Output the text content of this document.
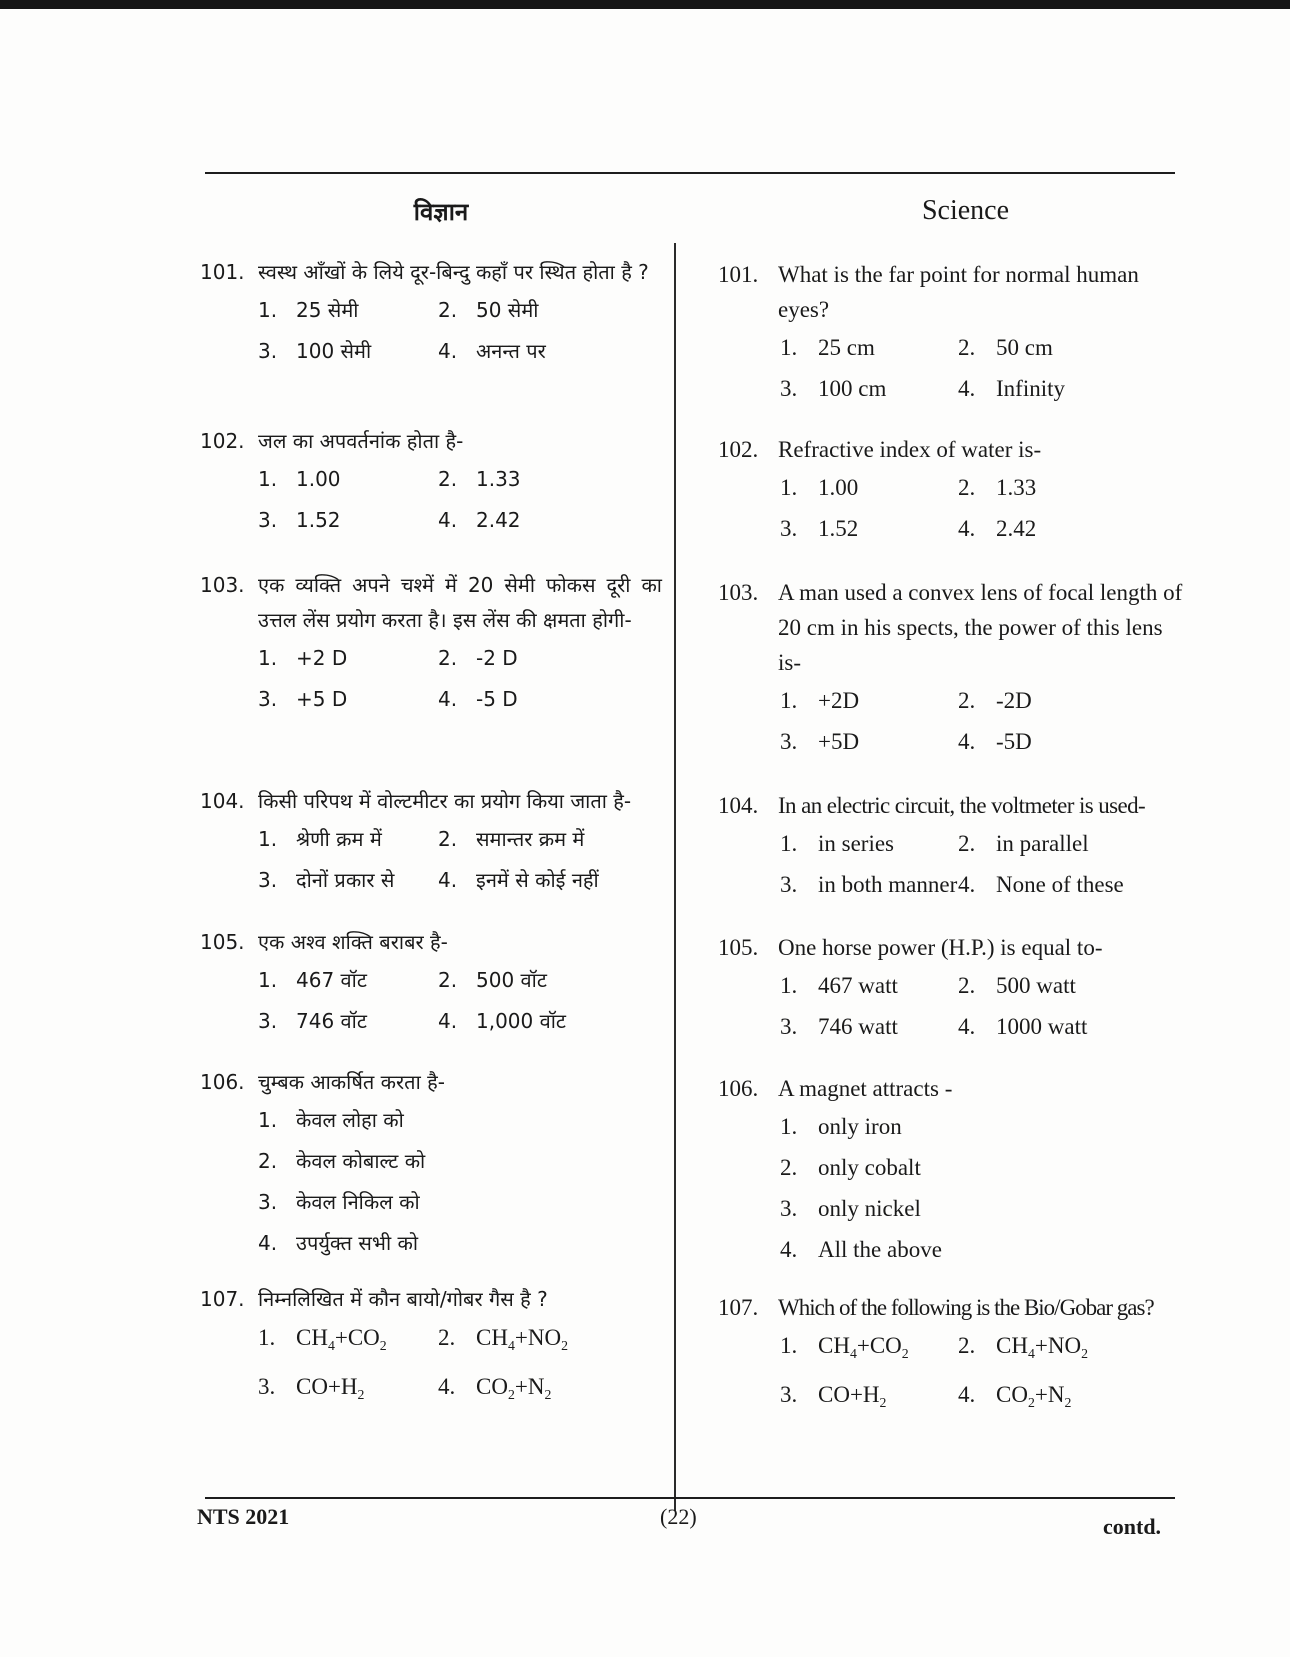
विज्ञान
101. स्वस्थ आँखों के लिये दूर-बिन्दु कहाँ पर स्थित होता है ?
1. 25 सेमी	2. 50 सेमी
3. 100 सेमी	4. अनन्त पर
102. जल का अपवर्तनांक होता है-
1. 1.00	2. 1.33
3. 1.52	4. 2.42
103. एक व्यक्ति अपने चश्में में 20 सेमी फोकस दूरी का उत्तल लेंस प्रयोग करता है। इस लेंस की क्षमता होगी-
1. +2 D	2. -2 D
3. +5 D	4. -5 D
104. किसी परिपथ में वोल्टमीटर का प्रयोग किया जाता है-
1. श्रेणी क्रम में	2. समान्तर क्रम में
3. दोनों प्रकार से 4. इनमें से कोई नहीं
105. एक अश्व शक्ति बराबर है-
1. 467 वॉट	2. 500 वॉट
3. 746 वॉट	4. 1,000 वॉट
106. चुम्बक आकर्षित करता है-
1. केवल लोहा को
2. केवल कोबाल्ट को
3. केवल निकिल को
4. उपर्युक्त सभी को
107. निम्नलिखित में कौन बायो/गोबर गैस है ?
1. $CH_4+CO_2$ 2. $CH_4+NO_2$
3. $CO+H_2$	4. $CO_2+N_2$
Science
101. What is the far point for normal human eyes?
1. 25 cm	2. 50 cm
3. 100 cm	4. Infinity
102. Refractive index of water is-
1. 1.00	2. 1.33
3. 1.52	4. 2.42
103. A man used a convex lens of focal length of 20 cm in his spects, the power of this lens is-
1. +2D	2. -2D
3. +5D	4. -5D
104. In an electric circuit, the voltmeter is used-
1. in series	2. in parallel
3. in both manner 4. None of these
105. One horse power (H.P.) is equal to-
1. 467 watt	2. 500 watt
3. 746 watt	4. 1000 watt
106. A magnet attracts -
1. only iron
2. only cobalt
3. only nickel
4. All the above
107. Which of the following is the Bio/Gobar gas?
1. $CH_4+CO_2$ 2. $CH_4+NO_2$
3. $CO+H_2$	4. $CO_2+N_2$
NTS 2021	(22)	contd.
